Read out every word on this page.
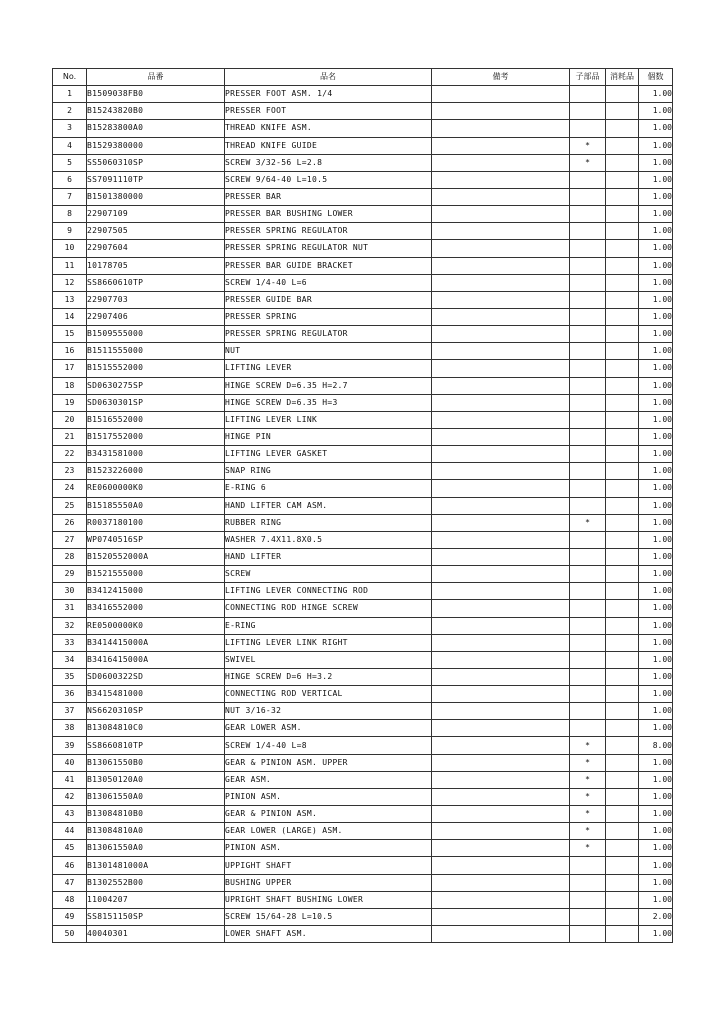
No.	品番	品名	備考	子部品	消耗品	個数
1	B1509038FB0	PRESSER FOOT ASM. 1/4				1.00
2	B15243820B0	PRESSER FOOT				1.00
3	B15283800A0	THREAD KNIFE ASM.				1.00
4	B1529380000	THREAD KNIFE GUIDE		*		1.00
5	SS5060310SP	SCREW 3/32-56 L=2.8		*		1.00
6	SS7091110TP	SCREW 9/64-40 L=10.5				1.00
7	B1501380000	PRESSER BAR				1.00
8	22907109	PRESSER BAR BUSHING LOWER				1.00
9	22907505	PRESSER SPRING REGULATOR				1.00
10	22907604	PRESSER SPRING REGULATOR NUT				1.00
11	10178705	PRESSER BAR GUIDE BRACKET				1.00
12	SS8660610TP	SCREW 1/4-40 L=6				1.00
13	22907703	PRESSER GUIDE BAR				1.00
14	22907406	PRESSER SPRING				1.00
15	B1509555000	PRESSER SPRING REGULATOR				1.00
16	B1511555000	NUT				1.00
17	B1515552000	LIFTING LEVER				1.00
18	SD0630275SP	HINGE SCREW D=6.35 H=2.7				1.00
19	SD0630301SP	HINGE SCREW D=6.35 H=3				1.00
20	B1516552000	LIFTING LEVER LINK				1.00
21	B1517552000	HINGE PIN				1.00
22	B3431581000	LIFTING LEVER GASKET				1.00
23	B1523226000	SNAP RING				1.00
24	RE0600000K0	E-RING 6				1.00
25	B15185550A0	HAND LIFTER CAM ASM.				1.00
26	R0037180100	RUBBER RING		*		1.00
27	WP0740516SP	WASHER 7.4X11.8X0.5				1.00
28	B1520552000A	HAND LIFTER				1.00
29	B1521555000	SCREW				1.00
30	B3412415000	LIFTING LEVER CONNECTING ROD				1.00
31	B3416552000	CONNECTING ROD HINGE SCREW				1.00
32	RE0500000K0	E-RING				1.00
33	B3414415000A	LIFTING LEVER LINK RIGHT				1.00
34	B3416415000A	SWIVEL				1.00
35	SD0600322SD	HINGE SCREW D=6 H=3.2				1.00
36	B3415481000	CONNECTING ROD VERTICAL				1.00
37	NS6620310SP	NUT 3/16-32				1.00
38	B13084810C0	GEAR LOWER ASM.				1.00
39	SS8660810TP	SCREW 1/4-40 L=8		*		8.00
40	B13061550B0	GEAR & PINION ASM. UPPER		*		1.00
41	B13050120A0	GEAR ASM.		*		1.00
42	B13061550A0	PINION ASM.		*		1.00
43	B13084810B0	GEAR & PINION ASM.		*		1.00
44	B13084810A0	GEAR LOWER (LARGE) ASM.		*		1.00
45	B13061550A0	PINION ASM.		*		1.00
46	B1301481000A	UPPIGHT SHAFT				1.00
47	B1302552B00	BUSHING UPPER				1.00
48	11004207	UPRIGHT SHAFT BUSHING LOWER				1.00
49	SS8151150SP	SCREW 15/64-28 L=10.5				2.00
50	40040301	LOWER SHAFT ASM.				1.00
